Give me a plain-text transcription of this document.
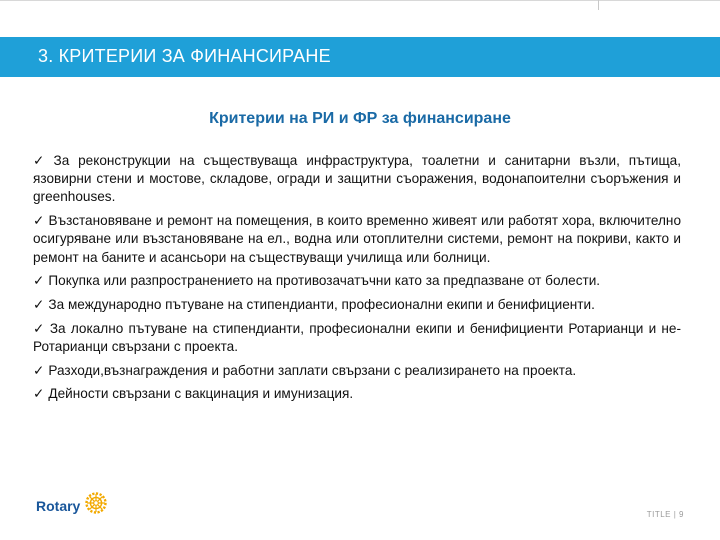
3. КРИТЕРИИ ЗА ФИНАНСИРАНЕ
Критерии на РИ и ФР за финансиране
✓ За реконструкции на съществуваща инфраструктура, тоалетни и санитарни възли, пътища, язовирни стени и мостове, складове, огради и защитни съоражения, водонапоителни съоръжения и greenhouses.
✓ Възстановяване и ремонт на помещения, в които временно живеят или работят хора, включително осигуряване или възстановяване на ел., водна или отоплителни системи, ремонт на покриви, както и ремонт на баните и асансьори на съществуващи училища или болници.
✓ Покупка или разпространението на противозачатъчни като за предпазване от болести.
✓ За международно пътуване на стипендианти, професионални екипи и бенифициенти.
✓ За локално пътуване на стипендианти, професионални екипи и бенифициенти Ротарианци и не-Ротарианци свързани с проекта.
✓ Разходи,възнаграждения и работни заплати свързани с реализирането на проекта.
✓ Дейности свързани с вакцинация и имунизация.
Rotary
TITLE | 9
